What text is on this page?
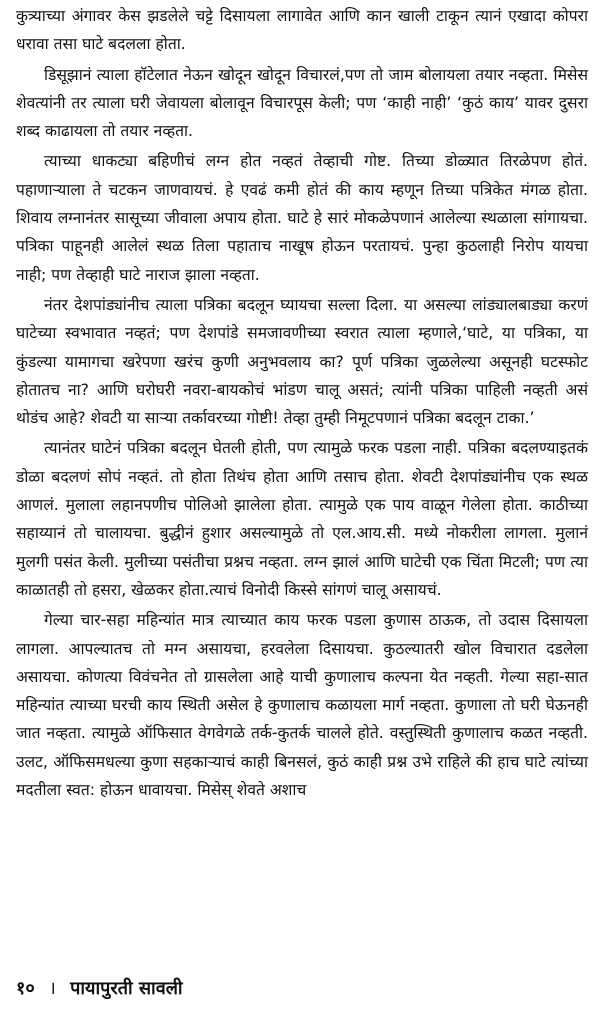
कुत्र्याच्या अंगावर केस झडलेले चट्टे दिसायला लागावेत आणि कान खाली टाकून त्यानं एखादा कोपरा धरावा तसा घाटे बदलला होता.

डिसूझानं त्याला हॉटेलात नेऊन खोदून खोदून विचारलं,पण तो जाम बोलायला तयार नव्हता. मिसेस शेवत्यांनी तर त्याला घरी जेवायला बोलावून विचारपूस केली; पण ‘काही नाही’ ‘कुठं काय’ यावर दुसरा शब्द काढायला तो तयार नव्हता.

त्याच्या धाकट्या बहिणीचं लग्न होत नव्हतं तेव्हाची गोष्ट. तिच्या डोळ्यात तिरळेपण होतं. पहाणाऱ्याला ते चटकन जाणवायचं. हे एवढं कमी होतं की काय म्हणून तिच्या पत्रिकेत मंगळ होता. शिवाय लग्नानंतर सासूच्या जीवाला अपाय होता. घाटे हे सारं मोकळेपणानं आलेल्या स्थळाला सांगायचा. पत्रिका पाहूनही आलेलं स्थळ तिला पहाताच नाखूष होऊन परतायचं. पुन्हा कुठलाही निरोप यायचा नाही; पण तेव्हाही घाटे नाराज झाला नव्हता.

नंतर देशपांड्यांनीच त्याला पत्रिका बदलून घ्यायचा सल्ला दिला. या असल्या लांड्यालबाड्या करणं घाटेच्या स्वभावात नव्हतं; पण देशपांडे समजावणीच्या स्वरात त्याला म्हणाले,‘घाटे, या पत्रिका, या कुंडल्या यामागचा खरेपणा खरंच कुणी अनुभवलाय का? पूर्ण पत्रिका जुळलेल्या असूनही घटस्फोट होतातच ना? आणि घरोघरी नवरा-बायकोचं भांडण चालू असतं; त्यांनी पत्रिका पाहिली नव्हती असं थोडंच आहे? शेवटी या साऱ्या तर्कावरच्या गोष्टी! तेव्हा तुम्ही निमूटपणानं पत्रिका बदलून टाका.’

त्यानंतर घाटेनं पत्रिका बदलून घेतली होती, पण त्यामुळे फरक पडला नाही. पत्रिका बदलण्याइतकं डोळा बदलणं सोपं नव्हतं. तो होता तिथंच होता आणि तसाच होता. शेवटी देशपांड्यांनीच एक स्थळ आणलं. मुलाला लहानपणीच पोलिओ झालेला होता. त्यामुळे एक पाय वाळून गेलेला होता. काठीच्या सहाय्यानं तो चालायचा. बुद्धीनं हुशार असल्यामुळे तो एल.आय.सी. मध्ये नोकरीला लागला. मुलानं मुलगी पसंत केली. मुलीच्या पसंतीचा प्रश्नच नव्हता. लग्न झालं आणि घाटेची एक चिंता मिटली; पण त्या काळातही तो हसरा, खेळकर होता.त्याचं विनोदी किस्से सांगणं चालू असायचं.

गेल्या चार-सहा महिन्यांत मात्र त्याच्यात काय फरक पडला कुणास ठाऊक, तो उदास दिसायला लागला. आपल्यातच तो मग्न असायचा, हरवलेला दिसायचा. कुठल्यातरी खोल विचारात दडलेला असायचा. कोणत्या विवंचनेत तो ग्रासलेला आहे याची कुणालाच कल्पना येत नव्हती. गेल्या सहा-सात महिन्यांत त्याच्या घरची काय स्थिती असेल हे कुणालाच कळायला मार्ग नव्हता. कुणाला तो घरी घेऊनही जात नव्हता. त्यामुळे ऑफिसात वेगवेगळे तर्क-कुतर्क चालले होते. वस्तुस्थिती कुणालाच कळत नव्हती. उलट, ऑफिसमधल्या कुणा सहकाऱ्याचं काही बिनसलं, कुठं काही प्रश्न उभे राहिले की हाच घाटे त्यांच्या मदतीला स्वत: होऊन धावायचा. मिसेस् शेवते अशाच

१० । पायापुरती सावली
